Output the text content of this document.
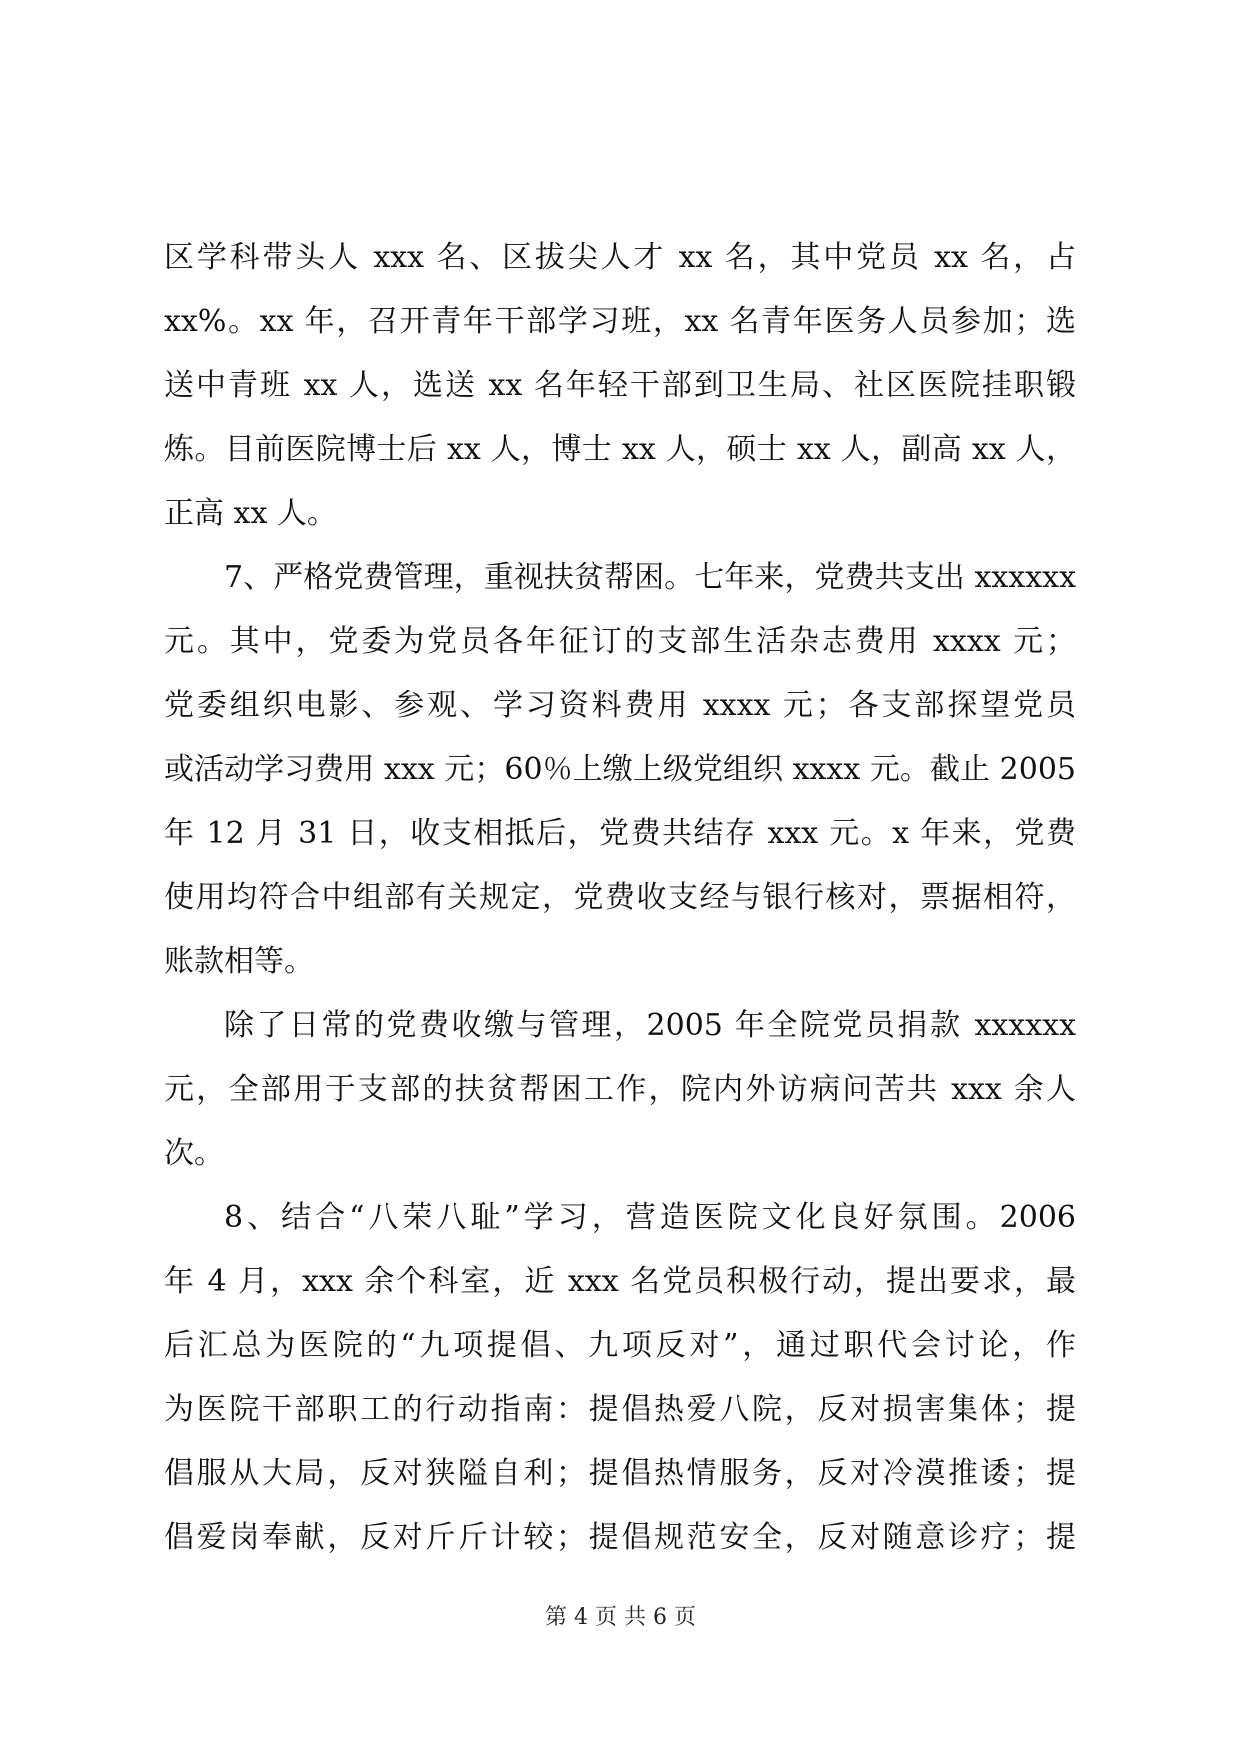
区学科带头人 xxx 名、区拔尖人才 xx 名，其中党员 xx 名，占
xx%。xx 年，召开青年干部学习班，xx 名青年医务人员参加；选
送中青班 xx 人，选送 xx 名年轻干部到卫生局、社区医院挂职锻
炼。目前医院博士后 xx 人，博士 xx 人，硕士 xx 人，副高 xx 人，
正高 xx 人。
7、严格党费管理，重视扶贫帮困。七年来，党费共支出 xxxxxx
元。其中，党委为党员各年征订的支部生活杂志费用 xxxx 元；
党委组织电影、参观、学习资料费用 xxxx 元；各支部探望党员
或活动学习费用 xxx 元；60％上缴上级党组织 xxxx 元。截止 2005
年 12 月 31 日，收支相抵后，党费共结存 xxx 元。x 年来，党费
使用均符合中组部有关规定，党费收支经与银行核对，票据相符，
账款相等。
除了日常的党费收缴与管理，2005 年全院党员捐款 xxxxxx
元，全部用于支部的扶贫帮困工作，院内外访病问苦共 xxx 余人
次。
8、结合“八荣八耻”学习，营造医院文化良好氛围。2006
年 4 月，xxx 余个科室，近 xxx 名党员积极行动，提出要求，最
后汇总为医院的“九项提倡、九项反对”，通过职代会讨论，作
为医院干部职工的行动指南：提倡热爱八院，反对损害集体；提
倡服从大局，反对狭隘自利；提倡热情服务，反对冷漠推诿；提
倡爱岗奉献，反对斤斤计较；提倡规范安全，反对随意诊疗；提
第 4 页 共 6 页
